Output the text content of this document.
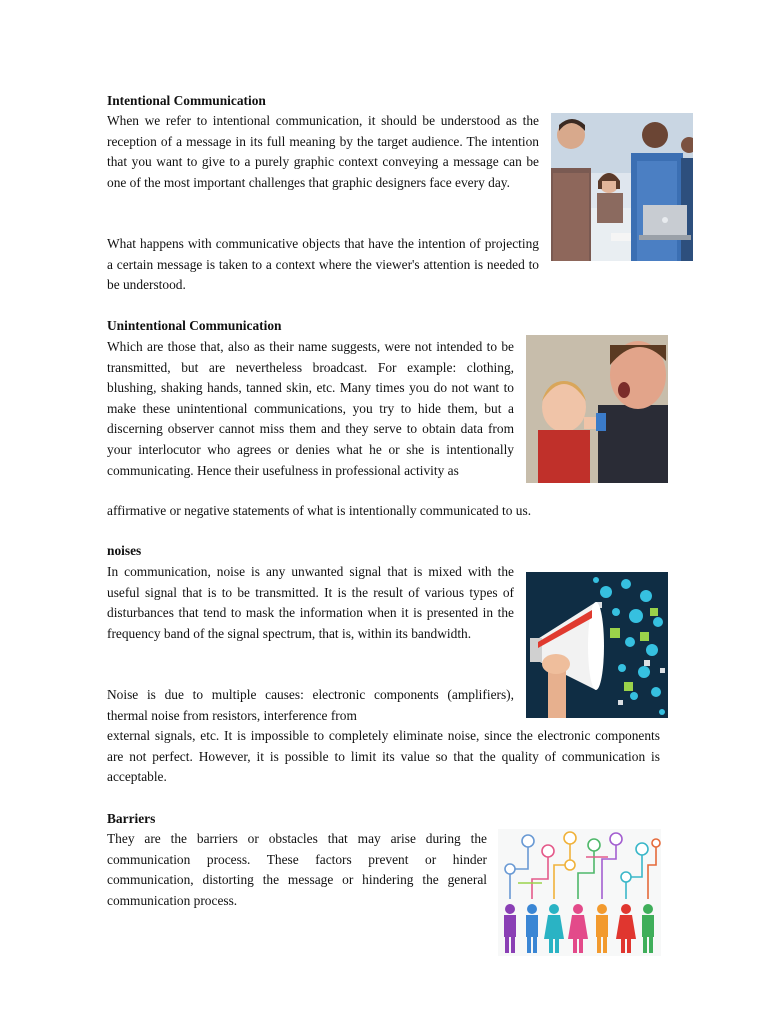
Intentional Communication

When we refer to intentional communication, it should be understood as the reception of a message in its full meaning by the target audience. The intention that you want to give to a purely graphic context conveying a message can be one of the most important challenges that graphic designers face every day.

What happens with communicative objects that have the intention of projecting a certain message is taken to a context where the viewer's attention is needed to be understood.

Unintentional Communication

Which are those that, also as their name suggests, were not intended to be transmitted, but are nevertheless broadcast. For example: clothing, blushing, shaking hands, tanned skin, etc. Many times you do not want to make these unintentional communications, you try to hide them, but a discerning observer cannot miss them and they serve to obtain data from your interlocutor who agrees or denies what he or she is intentionally communicating. Hence their usefulness in professional activity as

affirmative or negative statements of what is intentionally communicated to us.

noises

In communication, noise is any unwanted signal that is mixed with the useful signal that is to be transmitted. It is the result of various types of disturbances that tend to mask the information when it is presented in the frequency band of the signal spectrum, that is, within its bandwidth.

Noise is due to multiple causes: electronic components (amplifiers), thermal noise from resistors, interference from

external signals, etc. It is impossible to completely eliminate noise, since the electronic components are not perfect. However, it is possible to limit its value so that the quality of communication is acceptable.

Barriers

They are the barriers or obstacles that may arise during the communication process. These factors prevent or hinder communication, distorting the message or hindering the general communication process.
